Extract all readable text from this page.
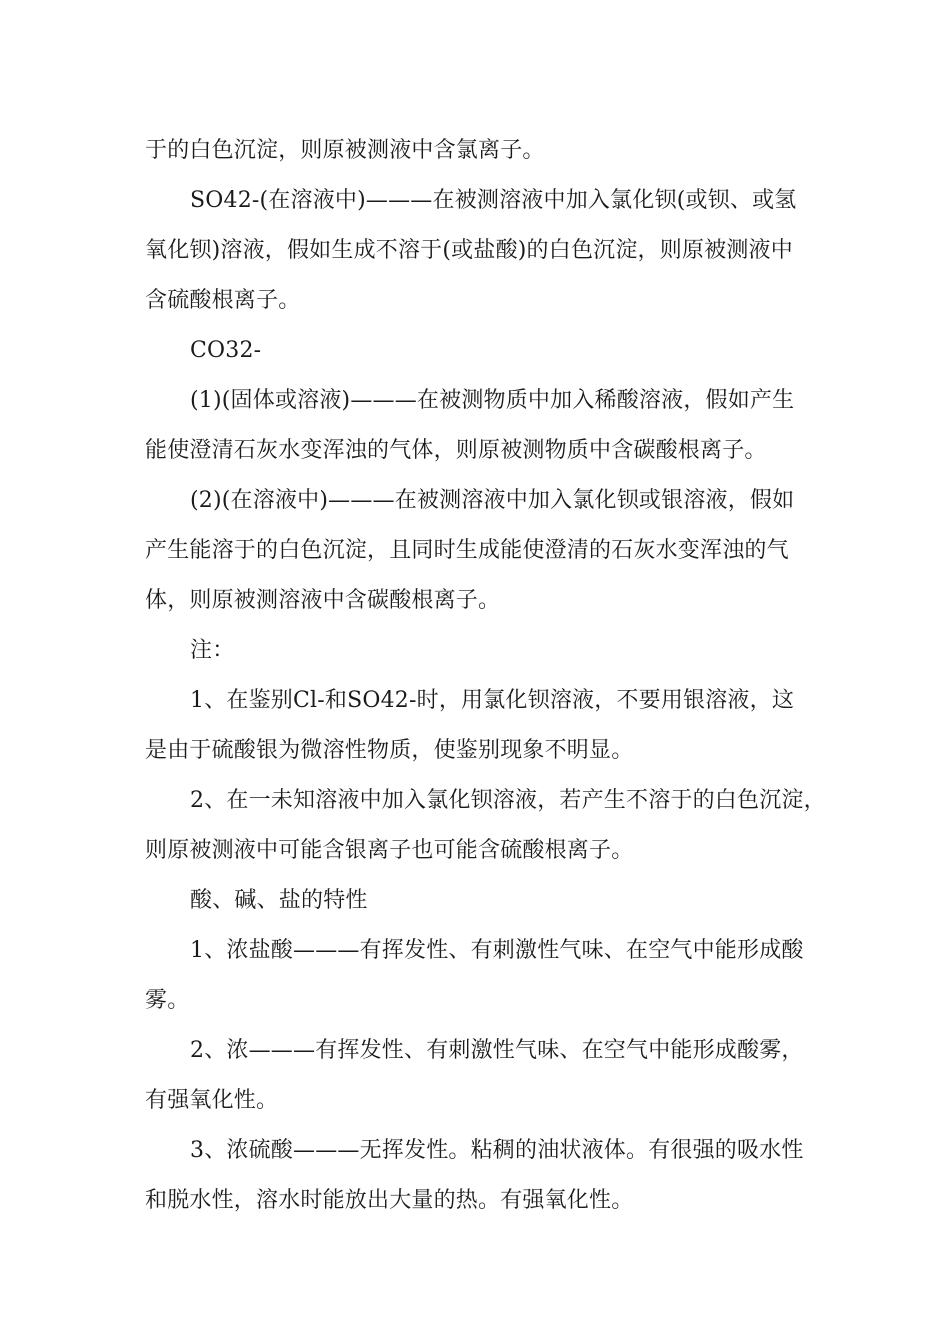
于的白色沉淀，则原被测液中含氯离子。
SO42-(在溶液中)———在被测溶液中加入氯化钡(或钡、或氢
氧化钡)溶液，假如生成不溶于(或盐酸)的白色沉淀，则原被测液中
含硫酸根离子。
CO32-
(1)(固体或溶液)———在被测物质中加入稀酸溶液，假如产生
能使澄清石灰水变浑浊的气体，则原被测物质中含碳酸根离子。
(2)(在溶液中)———在被测溶液中加入氯化钡或银溶液，假如
产生能溶于的白色沉淀，且同时生成能使澄清的石灰水变浑浊的气
体，则原被测溶液中含碳酸根离子。
注：
1、在鉴别Cl-和SO42-时，用氯化钡溶液，不要用银溶液，这
是由于硫酸银为微溶性物质，使鉴别现象不明显。
2、在一未知溶液中加入氯化钡溶液，若产生不溶于的白色沉淀，
则原被测液中可能含银离子也可能含硫酸根离子。
酸、碱、盐的特性
1、浓盐酸———有挥发性、有刺激性气味、在空气中能形成酸
雾。
2、浓———有挥发性、有刺激性气味、在空气中能形成酸雾，
有强氧化性。
3、浓硫酸———无挥发性。粘稠的油状液体。有很强的吸水性
和脱水性，溶水时能放出大量的热。有强氧化性。
